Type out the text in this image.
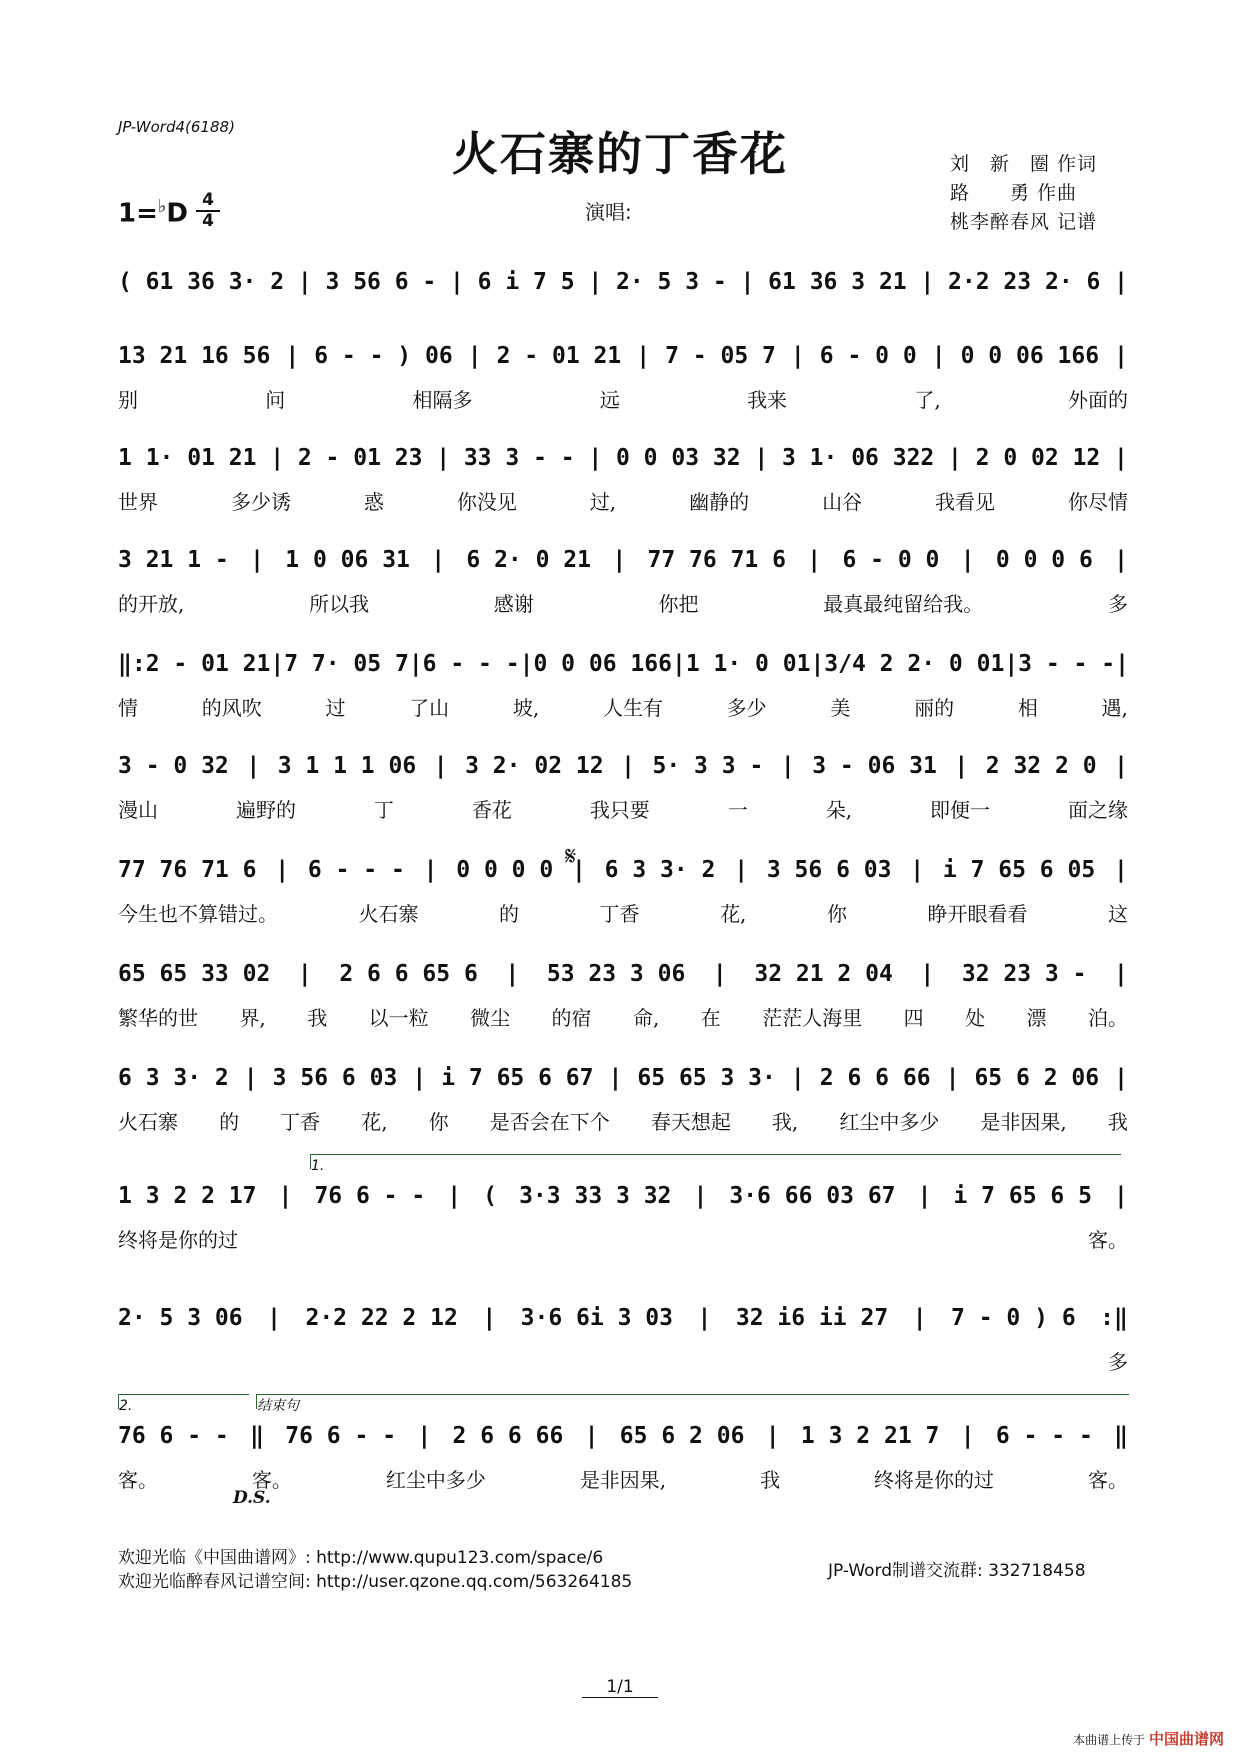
JP-Word4(6188)	火石寨的丁香花
1=♭D 4
4	演唱:
刘　新　圈 作词
路　　勇 作曲
桃李醉春风 记谱
( 61 36 3· 2 | 3 56 6 - | 6 i 7 5 | 2· 5 3 - | 61 36 3 21 | 2·2 23 2· 6 |
13 21 16 56 | 6 - - ) 06 | 2 - 01 21 | 7 - 05 7 | 6 - 0 0 | 0 0 06 166 |
别	问	相隔多	远	我来	了,	外面的
1 1· 01 21 | 2 - 01 23 | 33 3 - - | 0 0 03 32 | 3 1· 06 322 | 2 0 02 12 |
世界	多少诱	惑	你没见	过,	幽静的	山谷	我看见	你尽情
3 21 1 - | 1 0 06 31 | 6 2· 0 21 | 77 76 71 6 | 6 - 0 0 | 0 0 0 6 |
的开放,	所以我	感谢	你把	最真最纯留给我。	多
‖: 2 - 01 21 | 7 7· 05 7 | 6 - - - | 0 0 06 166 | 1 1· 0 01 | 3/4 2 2· 0 01 | 3 - - - |
情	的风吹	过	了山	坡,	人生有	多少	美	丽的	相	遇,
3 - 0 32 | 3 1 1 1 06 | 3 2· 02 12 | 5· 3 3 - | 3 - 06 31 | 2 32 2 0 |
漫山	遍野的	丁	香花	我只要	一	朵,	即便一	面之缘
77 76 71 6 | 6 - - - | 0 0 0 0 | 6 3 3· 2 | 3 56 6 03 | i 7 65 6 05 |
今生也不算错过。	火石寨	的	丁香	花,	你	睁开眼看看	这
65 65 33 02 | 2 6 6 65 6 | 53 23 3 06 | 32 21 2 04 | 32 23 3 - |
繁华的世 界, 我 以一粒 微尘 的宿 命, 在 茫茫人海里 四 处 漂 泊。
6 3 3· 2 | 3 56 6 03 | i 7 65 6 67 | 65 65 3 3· | 2 6 6 66 | 65 6 2 06 |
火石寨 的 丁香 花, 你 是否会在下个 春天想起 我, 红尘中多少 是非因果, 我
1 3 2 2 17 | 76 6 - - | ( 3·3 33 3 32 | 3·6 66 03 67 | i 7 65 6 5 |
终将是你的过	客。
1.
2· 5 3 06 | 2·2 22 2 12 | 3·6 6i 3 03 | 32 i6 ii 27 | 7 - 0 ) 6 :‖
多
76 6 - - ‖ 76 6 - - | 2 6 6 66 | 65 6 2 06 | 1 3 2 21 7 | 6 - - - ‖
客。	客。	红尘中多少	是非因果,	我	终将是你的过	客。
2.	结束句
𝄋
D.S.
欢迎光临《中国曲谱网》: http://www.qupu123.com/space/6
欢迎光临醉春风记谱空间: http://user.qzone.qq.com/563264185
JP-Word制谱交流群: 332718458
1/1
本曲谱上传于 中国曲谱网
